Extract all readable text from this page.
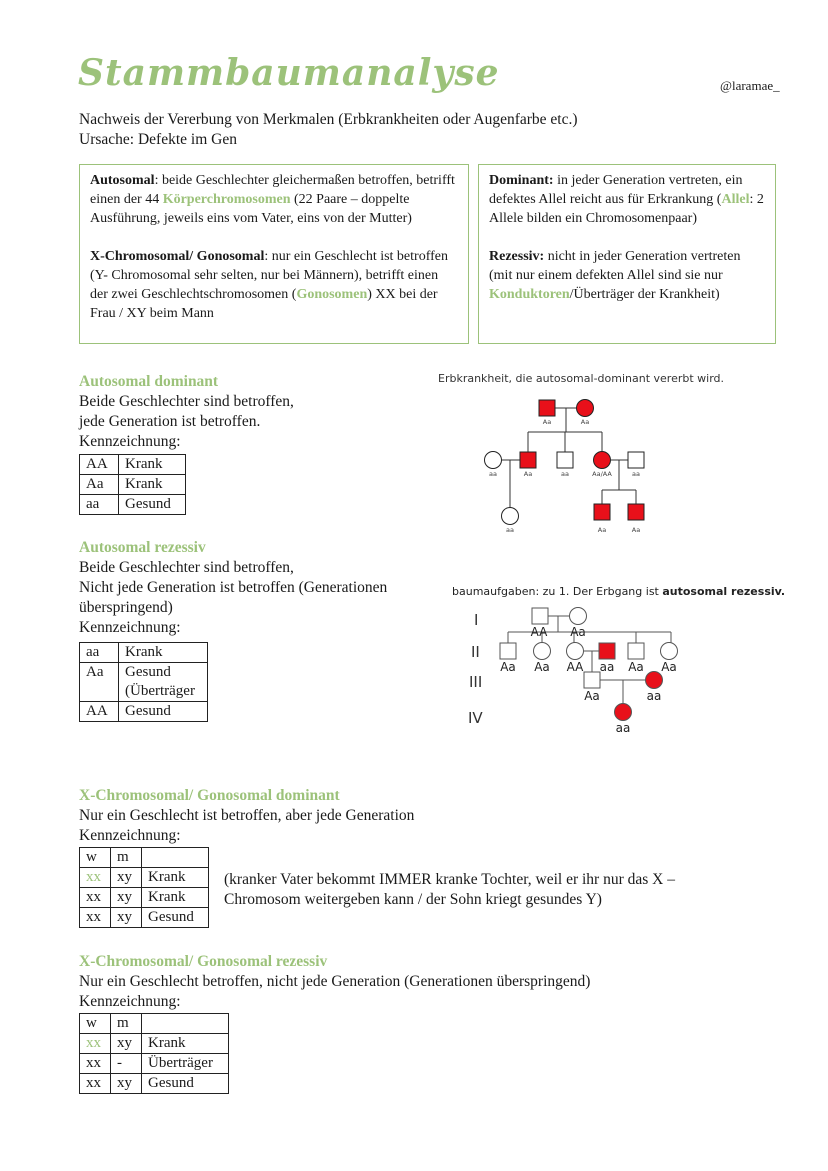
Stammbaumanalyse	@laramae_
Nachweis der Vererbung von Merkmalen (Erbkrankheiten oder Augenfarbe etc.)
Ursache: Defekte im Gen

Autosomal: beide Geschlechter gleichermaßen betroffen, betrifft einen der 44 Körperchromosomen (22 Paare – doppelte Ausführung, jeweils eins vom Vater, eins von der Mutter)

X-Chromosomal/ Gonosomal: nur ein Geschlecht ist betroffen (Y- Chromosomal sehr selten, nur bei Männern), betrifft einen der zwei Geschlechtschromosomen (Gonosomen) XX bei der Frau / XY beim Mann

Dominant: in jeder Generation vertreten, ein defektes Allel reicht aus für Erkrankung (Allel: 2 Allele bilden ein Chromosomenpaar)

Rezessiv: nicht in jeder Generation vertreten (mit nur einem defekten Allel sind sie nur Konduktoren/Überträger der Krankheit)

Autosomal dominant
Beide Geschlechter sind betroffen,
jede Generation ist betroffen.
Kennzeichnung:
AA	Krank
Aa	Krank
aa	Gesund
Erbkrankheit, die autosomal-dominant vererbt wird.
Aa	Aa
aa	Aa	aa	Aa/AA	aa
aa	Aa	Aa
Autosomal rezessiv
Beide Geschlechter sind betroffen,
Nicht jede Generation ist betroffen (Generationen
überspringend)
Kennzeichnung:
aa	Krank
Aa	Gesund (Überträger
AA	Gesund
baumaufgaben: zu 1. Der Erbgang ist autosomal rezessiv.
I
II
III
IV
AA Aa
Aa Aa AA aa Aa Aa
Aa	aa
aa
X-Chromosomal/ Gonosomal dominant
Nur ein Geschlecht ist betroffen, aber jede Generation
Kennzeichnung:
w	m	
xx	xy	Krank
xx	xy	Krank
xx	xy	Gesund
(kranker Vater bekommt IMMER kranke Tochter, weil er ihr nur das X –
Chromosom weitergeben kann / der Sohn kriegt gesundes Y)
X-Chromosomal/ Gonosomal rezessiv
Nur ein Geschlecht betroffen, nicht jede Generation (Generationen überspringend)
Kennzeichnung:
w	m	
xx	xy	Krank
xx	-	Überträger
xx	xy	Gesund
